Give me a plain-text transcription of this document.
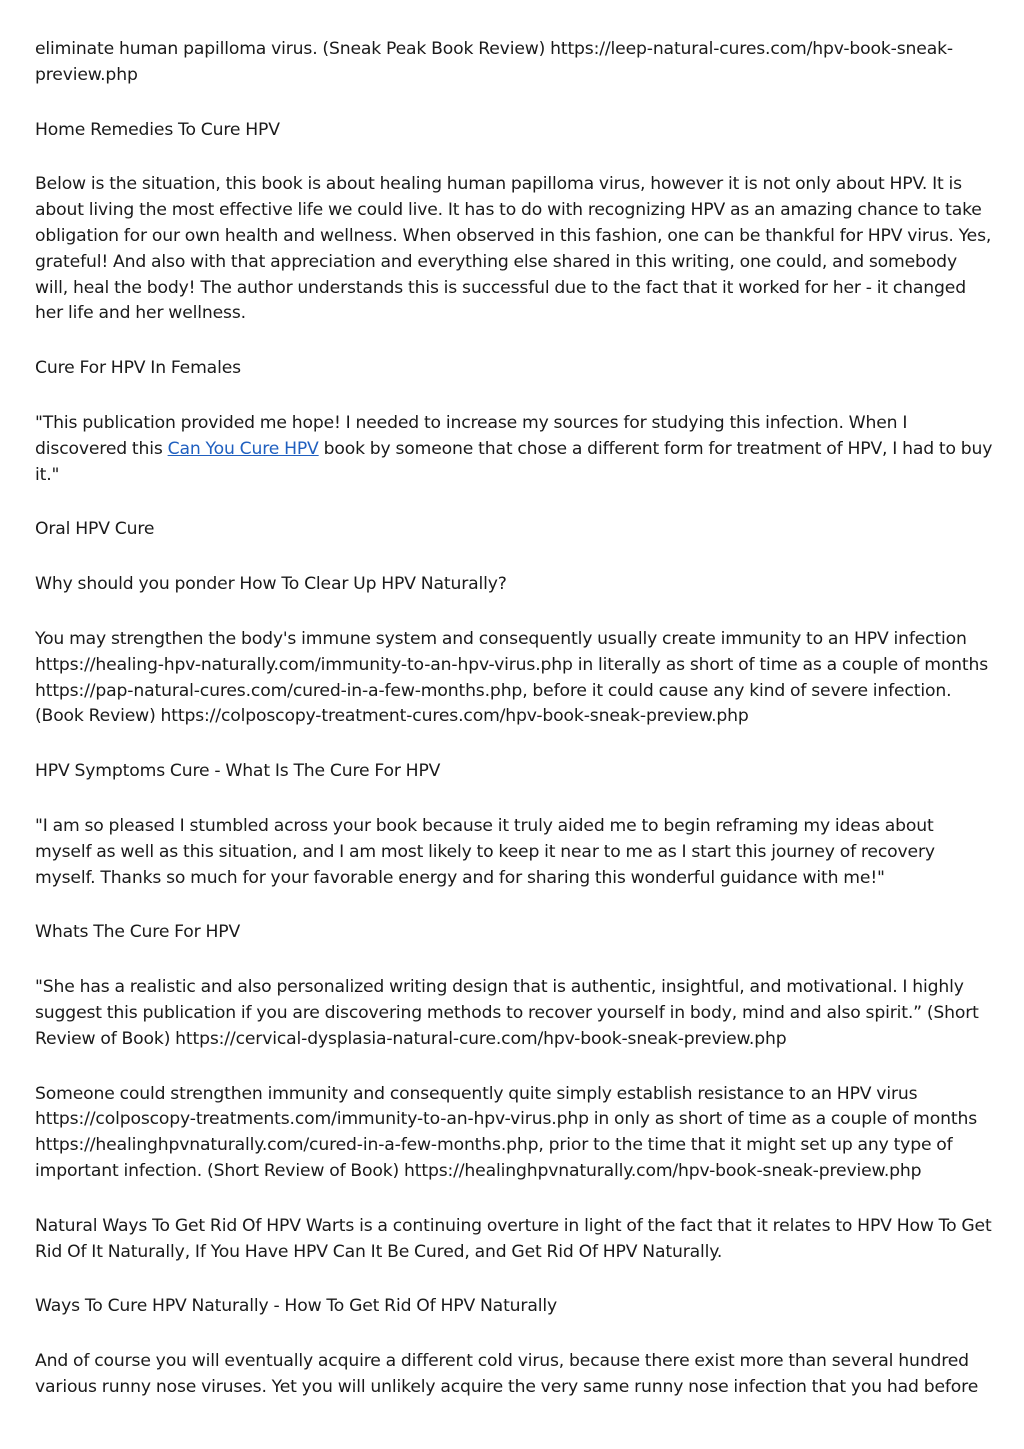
eliminate human papilloma virus. (Sneak Peak Book Review) https://leep-natural-cures.com/hpv-book-sneak-preview.php

Home Remedies To Cure HPV

Below is the situation, this book is about healing human papilloma virus, however it is not only about HPV. It is about living the most effective life we could live. It has to do with recognizing HPV as an amazing chance to take obligation for our own health and wellness. When observed in this fashion, one can be thankful for HPV virus. Yes, grateful! And also with that appreciation and everything else shared in this writing, one could, and somebody will, heal the body! The author understands this is successful due to the fact that it worked for her - it changed her life and her wellness.

Cure For HPV In Females

"This publication provided me hope! I needed to increase my sources for studying this infection. When I discovered this Can You Cure HPV book by someone that chose a different form for treatment of HPV, I had to buy it."

Oral HPV Cure

Why should you ponder How To Clear Up HPV Naturally?

You may strengthen the body's immune system and consequently usually create immunity to an HPV infection https://healing-hpv-naturally.com/immunity-to-an-hpv-virus.php in literally as short of time as a couple of months https://pap-natural-cures.com/cured-in-a-few-months.php, before it could cause any kind of severe infection. (Book Review) https://colposcopy-treatment-cures.com/hpv-book-sneak-preview.php

HPV Symptoms Cure - What Is The Cure For HPV

"I am so pleased I stumbled across your book because it truly aided me to begin reframing my ideas about myself as well as this situation, and I am most likely to keep it near to me as I start this journey of recovery myself. Thanks so much for your favorable energy and for sharing this wonderful guidance with me!"

Whats The Cure For HPV

"She has a realistic and also personalized writing design that is authentic, insightful, and motivational. I highly suggest this publication if you are discovering methods to recover yourself in body, mind and also spirit.” (Short Review of Book) https://cervical-dysplasia-natural-cure.com/hpv-book-sneak-preview.php

Someone could strengthen immunity and consequently quite simply establish resistance to an HPV virus https://colposcopy-treatments.com/immunity-to-an-hpv-virus.php in only as short of time as a couple of months https://healinghpvnaturally.com/cured-in-a-few-months.php, prior to the time that it might set up any type of important infection. (Short Review of Book) https://healinghpvnaturally.com/hpv-book-sneak-preview.php

Natural Ways To Get Rid Of HPV Warts is a continuing overture in light of the fact that it relates to HPV How To Get Rid Of It Naturally, If You Have HPV Can It Be Cured, and Get Rid Of HPV Naturally.

Ways To Cure HPV Naturally - How To Get Rid Of HPV Naturally

And of course you will eventually acquire a different cold virus, because there exist more than several hundred various runny nose viruses. Yet you will unlikely acquire the very same runny nose infection that you had before
